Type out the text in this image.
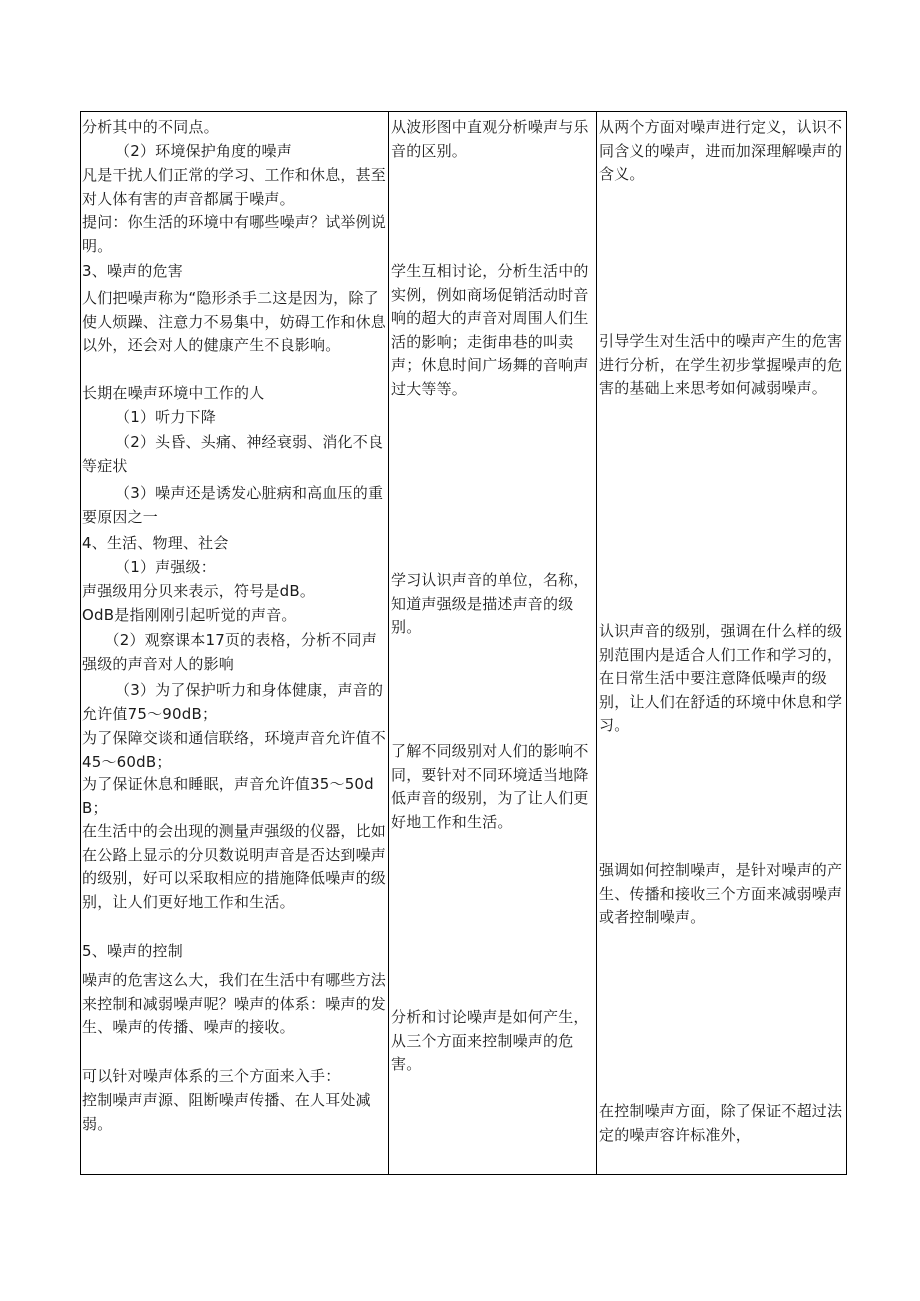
分析其中的不同点。

（2）环境保护角度的噪声

凡是干扰人们正常的学习、工作和休息，甚至对人体有害的声音都属于噪声。

提问：你生活的环境中有哪些噪声？试举例说明。

3、噪声的危害

人们把噪声称为“隐形杀手二这是因为，除了使人烦躁、注意力不易集中，妨碍工作和休息以外，还会对人的健康产生不良影响。

长期在噪声环境中工作的人

（1）听力下降

（2）头昏、头痛、神经衰弱、消化不良等症状

（3）噪声还是诱发心脏病和高血压的重要原因之一

4、生活、物理、社会

（1）声强级：

声强级用分贝来表示，符号是dB。

OdB是指刚刚引起听觉的声音。

（2）观察课本17页的表格，分析不同声强级的声音对人的影响

（3）为了保护听力和身体健康，声音的允许值75～90dB；

为了保障交谈和通信联络，环境声音允许值不45～60dB；

为了保证休息和睡眠，声音允许值35～50dB；

在生活中的会出现的测量声强级的仪器，比如在公路上显示的分贝数说明声音是否达到噪声的级别，好可以采取相应的措施降低噪声的级别，让人们更好地工作和生活。

5、噪声的控制

噪声的危害这么大，我们在生活中有哪些方法来控制和减弱噪声呢？噪声的体系：噪声的发生、噪声的传播、噪声的接收。

可以针对噪声体系的三个方面来入手：

控制噪声声源、阻断噪声传播、在人耳处减弱。

从波形图中直观分析噪声与乐音的区别。

学生互相讨论，分析生活中的实例，例如商场促销活动时音响的超大的声音对周围人们生活的影响；走街串巷的叫卖声；休息时间广场舞的音响声过大等等。

学习认识声音的单位，名称，知道声强级是描述声音的级别。

了解不同级别对人们的影响不同，要针对不同环境适当地降低声音的级别，为了让人们更好地工作和生活。

分析和讨论噪声是如何产生，从三个方面来控制噪声的危害。

从两个方面对噪声进行定义，认识不同含义的噪声，进而加深理解噪声的含义。

引导学生对生活中的噪声产生的危害进行分析，在学生初步掌握噪声的危害的基础上来思考如何减弱噪声。

认识声音的级别，强调在什么样的级别范围内是适合人们工作和学习的，在日常生活中要注意降低噪声的级别，让人们在舒适的环境中休息和学习。

强调如何控制噪声，是针对噪声的产生、传播和接收三个方面来减弱噪声或者控制噪声。

在控制噪声方面，除了保证不超过法定的噪声容许标准外，
